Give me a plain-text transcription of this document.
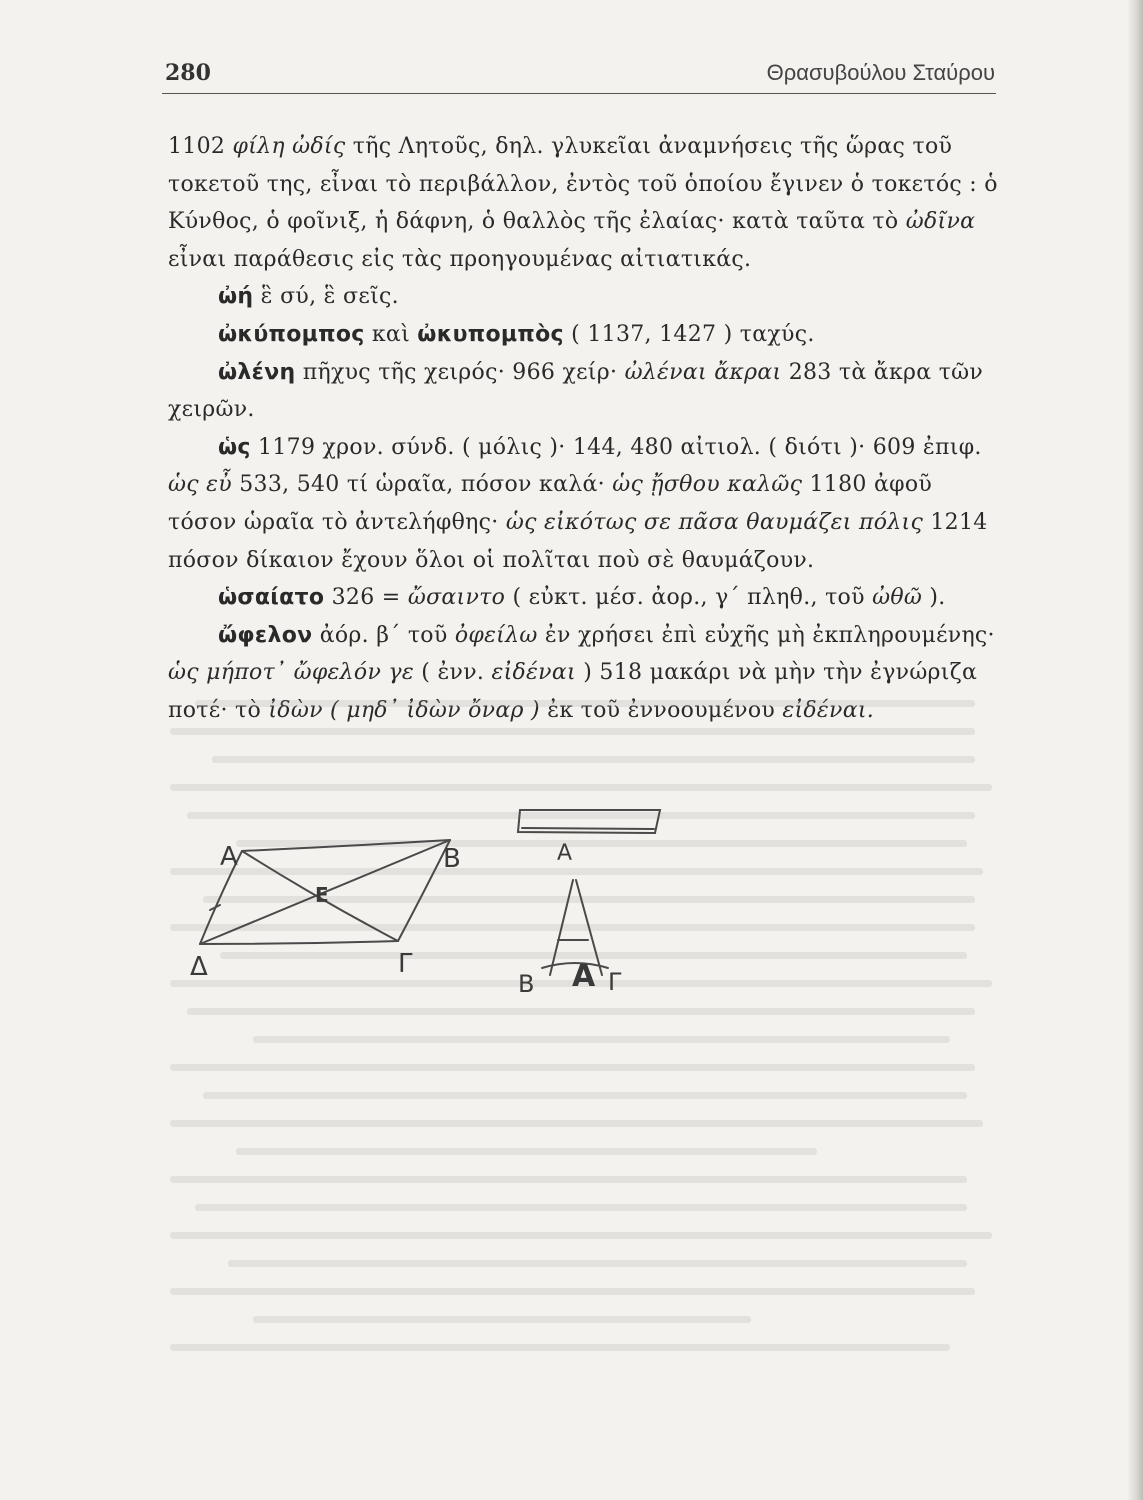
280	Θρασυβούλου Σταύρου

1102 φίλη ὠδίς τῆς Λητοῦς, δηλ. γλυκεῖαι ἀναμνήσεις τῆς ὥρας τοῦ τοκετοῦ της, εἶναι τὸ περιβάλλον, ἐντὸς τοῦ ὁποίου ἔγινεν ὁ τοκετός : ὁ Κύνθος, ὁ φοῖνιξ, ἡ δάφνη, ὁ θαλλὸς τῆς ἐλαίας· κατὰ ταῦτα τὸ ὠδῖνα εἶναι παράθεσις εἰς τὰς προηγουμένας αἰτιατικάς.

ὠή ἓ σύ, ἓ σεῖς.

ὠκύπομπος καὶ ὠκυπομπὸς ( 1137, 1427 ) ταχύς.

ὠλένη πῆχυς τῆς χειρός· 966 χείρ· ὠλέναι ἄκραι 283 τὰ ἄκρα τῶν χειρῶν.

ὡς 1179 χρον. σύνδ. ( μόλις )· 144, 480 αἰτιολ. ( διότι )· 609 ἐπιφ. ὡς εὖ 533, 540 τί ὡραῖα, πόσον καλά· ὡς ᾔσθου καλῶς 1180 ἀφοῦ τόσον ὡραῖα τὸ ἀντελήφθης· ὡς εἰκότως σε πᾶσα θαυμάζει πόλις 1214 πόσον δίκαιον ἔχουν ὅλοι οἱ πολῖται ποὺ σὲ θαυμάζουν.

ὡσαίατο 326 = ὤσαιντο ( εὐκτ. μέσ. ἀορ., γ΄ πληθ., τοῦ ὠθῶ ).

ὤφελον ἀόρ. β΄ τοῦ ὀφείλω ἐν χρήσει ἐπὶ εὐχῆς μὴ ἐκπληρουμένης· ὡς μήποτ᾽ ὤφελόν γε ( ἐνν. εἰδέναι ) 518 μακάρι νὰ μὴν τὴν ἐγνώριζα ποτέ· τὸ ἰδὼν ( μηδ᾽ ἰδὼν ὄναρ ) ἐκ τοῦ ἐννοουμένου εἰδέναι.

Α	Β
Ε
Δ	Γ
Α
Β Α Γ
